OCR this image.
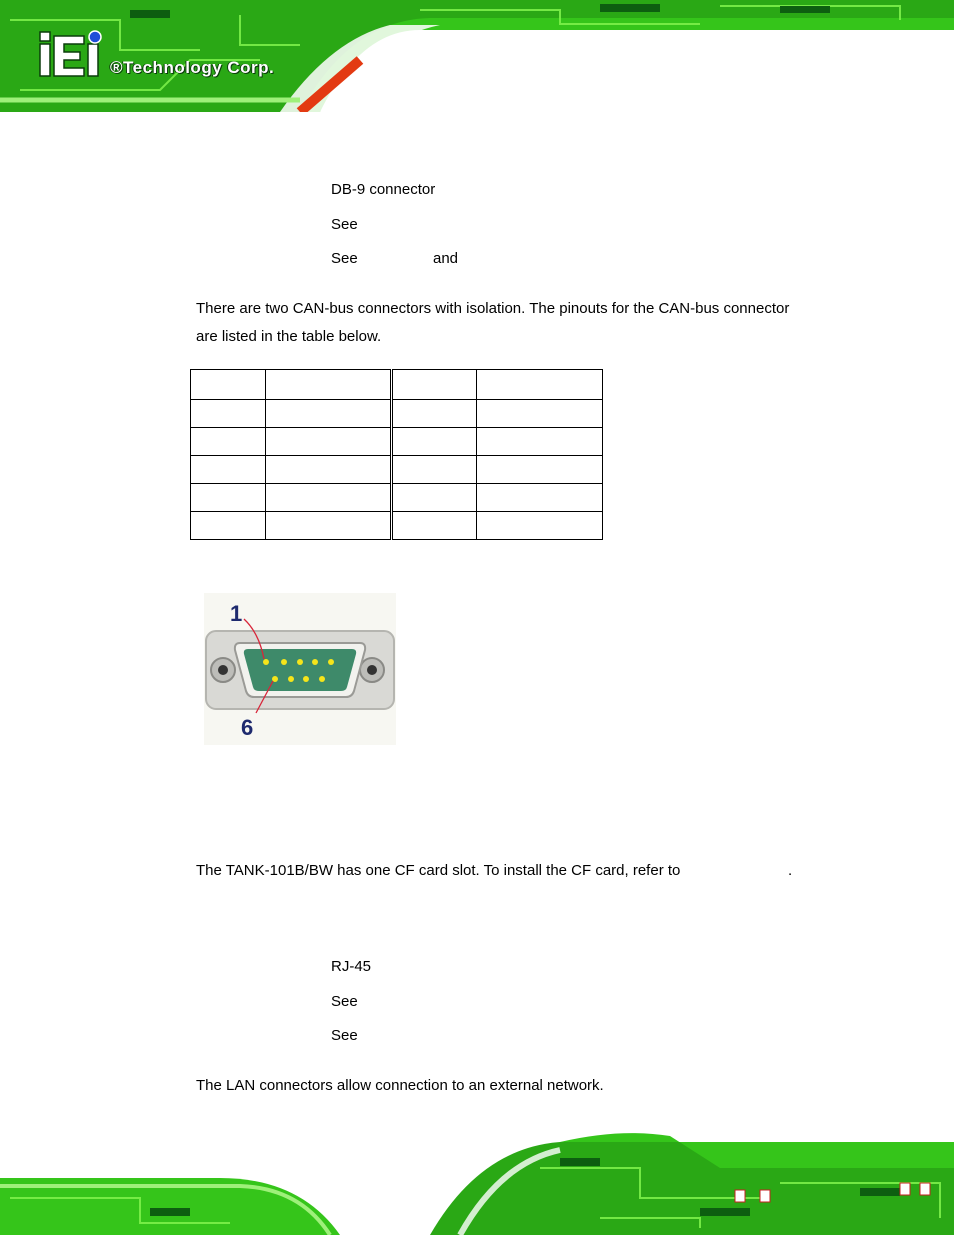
®Technology Corp.
DB-9 connector
See
See	and
There are two CAN-bus connectors with isolation. The pinouts for the CAN-bus connector
are listed in the table below.

1
6
The TANK-101B/BW has one CF card slot. To install the CF card, refer to	.
RJ-45
See
See
The LAN connectors allow connection to an external network.
